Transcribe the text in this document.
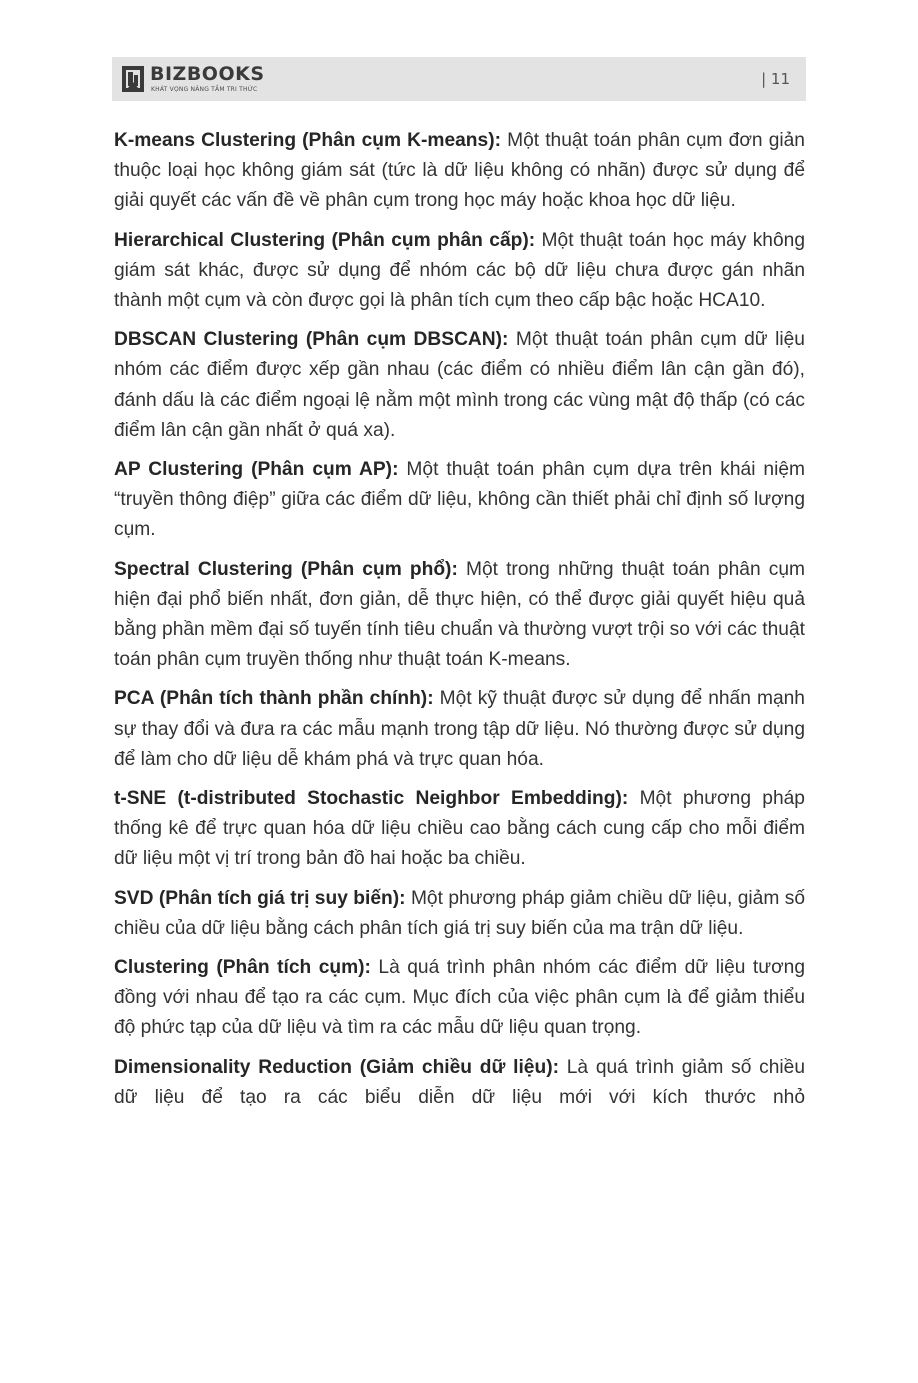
BIZBOOKS
KHÁT VỌNG NÂNG TẦM TRI THỨC
| 11

K-means Clustering (Phân cụm K-means): Một thuật toán phân cụm đơn giản thuộc loại học không giám sát (tức là dữ liệu không có nhãn) được sử dụng để giải quyết các vấn đề về phân cụm trong học máy hoặc khoa học dữ liệu.

Hierarchical Clustering (Phân cụm phân cấp): Một thuật toán học máy không giám sát khác, được sử dụng để nhóm các bộ dữ liệu chưa được gán nhãn thành một cụm và còn được gọi là phân tích cụm theo cấp bậc hoặc HCA10.

DBSCAN Clustering (Phân cụm DBSCAN): Một thuật toán phân cụm dữ liệu nhóm các điểm được xếp gần nhau (các điểm có nhiều điểm lân cận gần đó), đánh dấu là các điểm ngoại lệ nằm một mình trong các vùng mật độ thấp (có các điểm lân cận gần nhất ở quá xa).

AP Clustering (Phân cụm AP): Một thuật toán phân cụm dựa trên khái niệm “truyền thông điệp” giữa các điểm dữ liệu, không cần thiết phải chỉ định số lượng cụm.

Spectral Clustering (Phân cụm phổ): Một trong những thuật toán phân cụm hiện đại phổ biến nhất, đơn giản, dễ thực hiện, có thể được giải quyết hiệu quả bằng phần mềm đại số tuyến tính tiêu chuẩn và thường vượt trội so với các thuật toán phân cụm truyền thống như thuật toán K-means.

PCA (Phân tích thành phần chính): Một kỹ thuật được sử dụng để nhấn mạnh sự thay đổi và đưa ra các mẫu mạnh trong tập dữ liệu. Nó thường được sử dụng để làm cho dữ liệu dễ khám phá và trực quan hóa.

t-SNE (t-distributed Stochastic Neighbor Embedding): Một phương pháp thống kê để trực quan hóa dữ liệu chiều cao bằng cách cung cấp cho mỗi điểm dữ liệu một vị trí trong bản đồ hai hoặc ba chiều.

SVD (Phân tích giá trị suy biến): Một phương pháp giảm chiều dữ liệu, giảm số chiều của dữ liệu bằng cách phân tích giá trị suy biến của ma trận dữ liệu.

Clustering (Phân tích cụm): Là quá trình phân nhóm các điểm dữ liệu tương đồng với nhau để tạo ra các cụm. Mục đích của việc phân cụm là để giảm thiểu độ phức tạp của dữ liệu và tìm ra các mẫu dữ liệu quan trọng.

Dimensionality Reduction (Giảm chiều dữ liệu): Là quá trình giảm số chiều dữ liệu để tạo ra các biểu diễn dữ liệu mới với kích thước nhỏ
